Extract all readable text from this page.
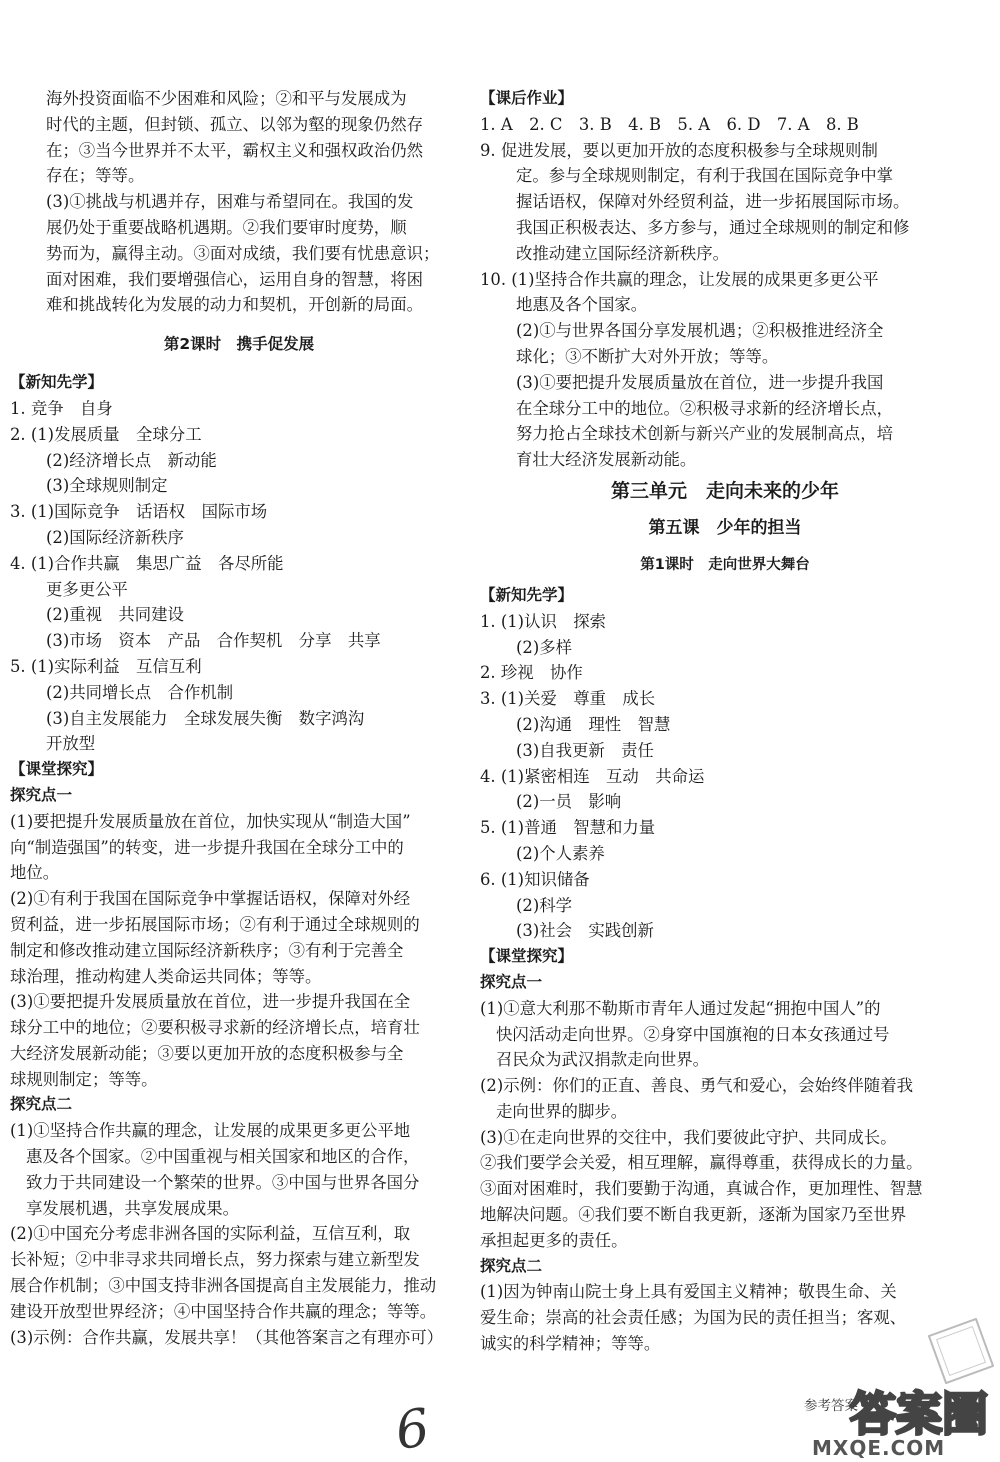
海外投资面临不少困难和风险；②和平与发展成为
时代的主题，但封锁、孤立、以邻为壑的现象仍然存
在；③当今世界并不太平，霸权主义和强权政治仍然
存在；等等。
(3)①挑战与机遇并存，困难与希望同在。我国的发
展仍处于重要战略机遇期。②我们要审时度势，顺
势而为，赢得主动。③面对成绩，我们要有忧患意识；
面对困难，我们要增强信心，运用自身的智慧，将困
难和挑战转化为发展的动力和契机，开创新的局面。
第2课时　携手促发展
【新知先学】
1. 竞争　自身
2. (1)发展质量　全球分工
(2)经济增长点　新动能
(3)全球规则制定
3. (1)国际竞争　话语权　国际市场
(2)国际经济新秩序
4. (1)合作共赢　集思广益　各尽所能
更多更公平
(2)重视　共同建设
(3)市场　资本　产品　合作契机　分享　共享
5. (1)实际利益　互信互利
(2)共同增长点　合作机制
(3)自主发展能力　全球发展失衡　数字鸿沟
开放型
【课堂探究】
探究点一
(1)要把提升发展质量放在首位，加快实现从“制造大国”
向“制造强国”的转变，进一步提升我国在全球分工中的
地位。
(2)①有利于我国在国际竞争中掌握话语权，保障对外经
贸利益，进一步拓展国际市场；②有利于通过全球规则的
制定和修改推动建立国际经济新秩序；③有利于完善全
球治理，推动构建人类命运共同体；等等。
(3)①要把提升发展质量放在首位，进一步提升我国在全
球分工中的地位；②要积极寻求新的经济增长点，培育壮
大经济发展新动能；③要以更加开放的态度积极参与全
球规则制定；等等。
探究点二
(1)①坚持合作共赢的理念，让发展的成果更多更公平地
惠及各个国家。②中国重视与相关国家和地区的合作，
致力于共同建设一个繁荣的世界。③中国与世界各国分
享发展机遇，共享发展成果。
(2)①中国充分考虑非洲各国的实际利益，互信互利，取
长补短；②中非寻求共同增长点，努力探索与建立新型发
展合作机制；③中国支持非洲各国提高自主发展能力，推动
建设开放型世界经济；④中国坚持合作共赢的理念；等等。
(3)示例：合作共赢，发展共享！（其他答案言之有理亦可）
【课后作业】
1. A　2. C　3. B　4. B　5. A　6. D　7. A　8. B
9. 促进发展，要以更加开放的态度积极参与全球规则制
定。参与全球规则制定，有利于我国在国际竞争中掌
握话语权，保障对外经贸利益，进一步拓展国际市场。
我国正积极表达、多方参与，通过全球规则的制定和修
改推动建立国际经济新秩序。
10. (1)坚持合作共赢的理念，让发展的成果更多更公平
地惠及各个国家。
(2)①与世界各国分享发展机遇；②积极推进经济全
球化；③不断扩大对外开放；等等。
(3)①要把提升发展质量放在首位，进一步提升我国
在全球分工中的地位。②积极寻求新的经济增长点，
努力抢占全球技术创新与新兴产业的发展制高点，培
育壮大经济发展新动能。
第三单元　走向未来的少年
第五课　少年的担当
第1课时　走向世界大舞台
【新知先学】
1. (1)认识　探索
(2)多样
2. 珍视　协作
3. (1)关爱　尊重　成长
(2)沟通　理性　智慧
(3)自我更新　责任
4. (1)紧密相连　互动　共命运
(2)一员　影响
5. (1)普通　智慧和力量
(2)个人素养
6. (1)知识储备
(2)科学
(3)社会　实践创新
【课堂探究】
探究点一
(1)①意大利那不勒斯市青年人通过发起“拥抱中国人”的
快闪活动走向世界。②身穿中国旗袍的日本女孩通过号
召民众为武汉捐款走向世界。
(2)示例：你们的正直、善良、勇气和爱心，会始终伴随着我
走向世界的脚步。
(3)①在走向世界的交往中，我们要彼此守护、共同成长。
②我们要学会关爱，相互理解，赢得尊重，获得成长的力量。
③面对困难时，我们要勤于沟通，真诚合作，更加理性、智慧
地解决问题。④我们要不断自我更新，逐渐为国家乃至世界
承担起更多的责任。
探究点二
(1)因为钟南山院士身上具有爱国主义精神；敬畏生命、关
爱生命；崇高的社会责任感；为国为民的责任担当；客观、
诚实的科学精神；等等。
6	参考答案
答案圈
MXQE.COM
